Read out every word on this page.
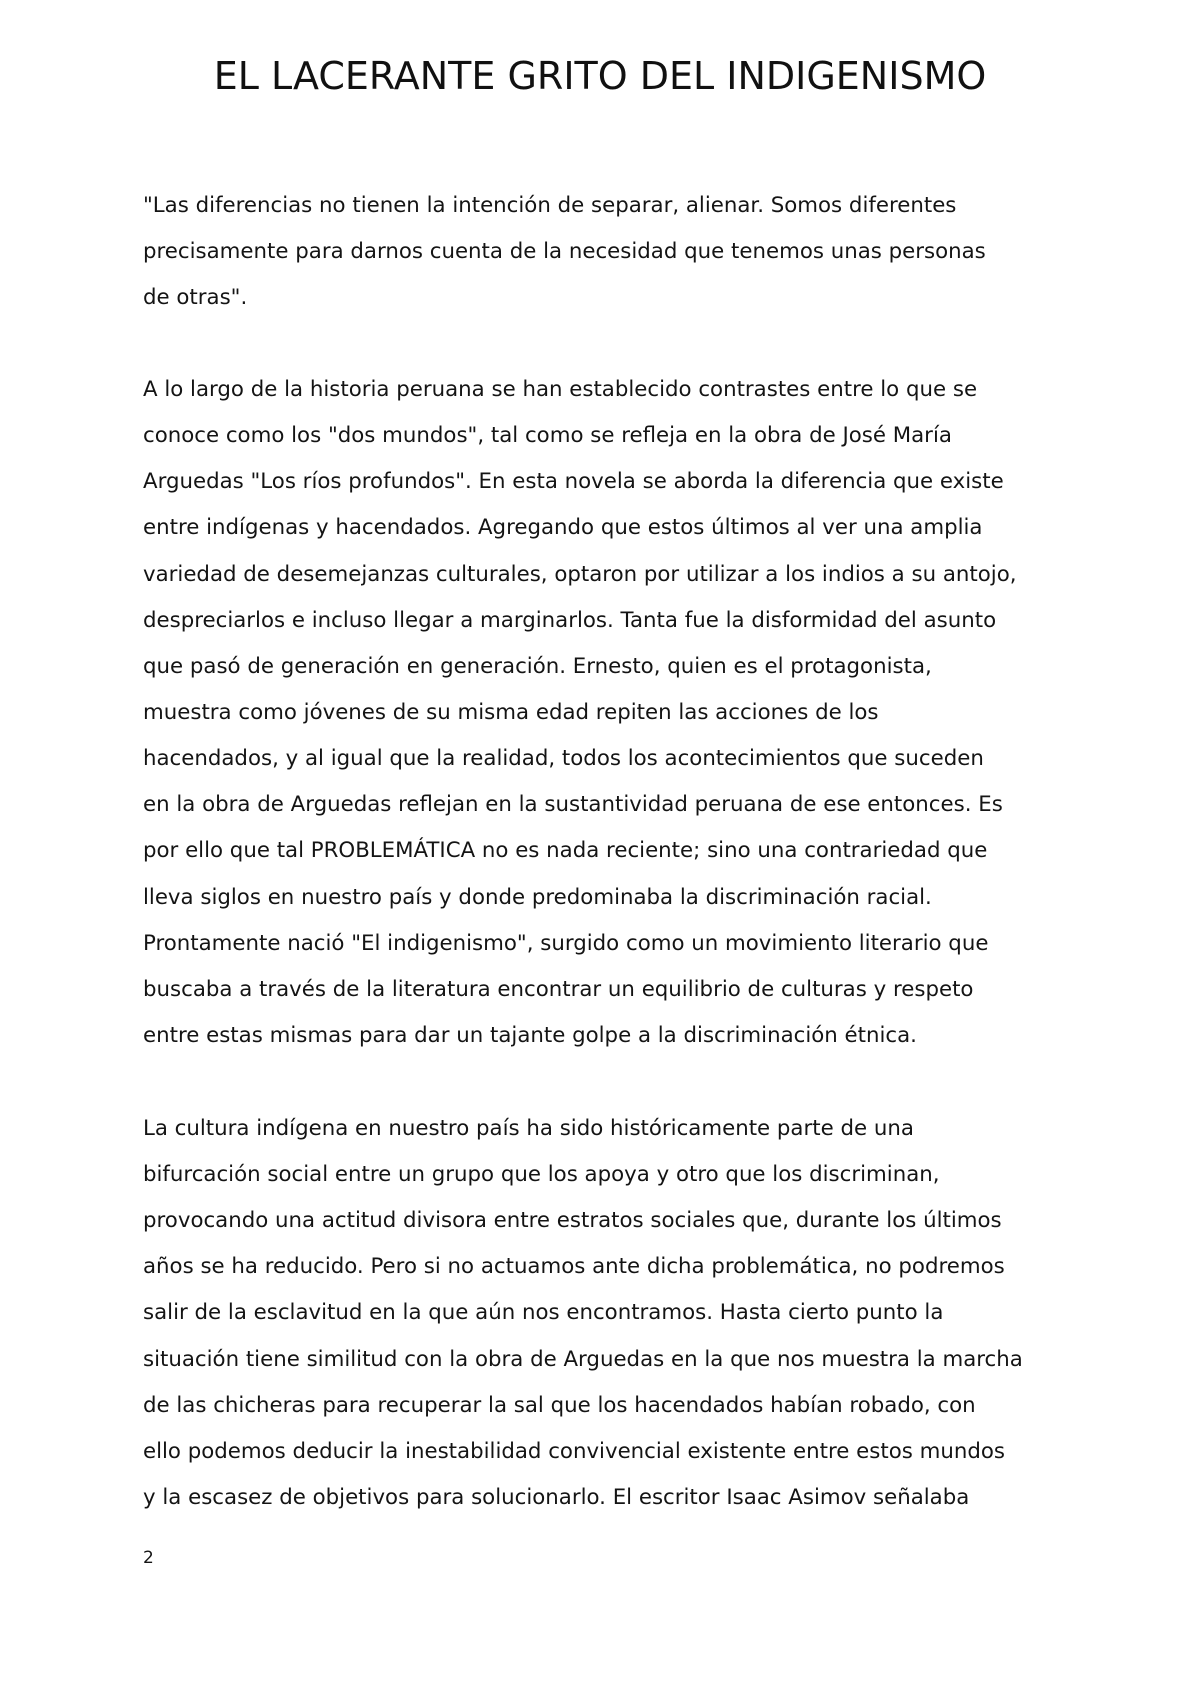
EL LACERANTE GRITO DEL INDIGENISMO

"Las diferencias no tienen la intención de separar, alienar. Somos diferentes

precisamente para darnos cuenta de la necesidad que tenemos unas personas

de otras".

A lo largo de la historia peruana se han establecido contrastes entre lo que se

conoce como los "dos mundos", tal como se refleja en la obra de José María

Arguedas "Los ríos profundos". En esta novela se aborda la diferencia que existe

entre indígenas y hacendados. Agregando que estos últimos al ver una amplia

variedad de desemejanzas culturales, optaron por utilizar a los indios a su antojo,

despreciarlos e incluso llegar a marginarlos. Tanta fue la disformidad del asunto

que pasó de generación en generación. Ernesto, quien es el protagonista,

muestra como jóvenes de su misma edad repiten las acciones de los

hacendados, y al igual que la realidad, todos los acontecimientos que suceden

en la obra de Arguedas reflejan en la sustantividad peruana de ese entonces. Es

por ello que tal PROBLEMÁTICA no es nada reciente; sino una contrariedad que

lleva siglos en nuestro país y donde predominaba la discriminación racial.

Prontamente nació "El indigenismo", surgido como un movimiento literario que

buscaba a través de la literatura encontrar un equilibrio de culturas y respeto

entre estas mismas para dar un tajante golpe a la discriminación étnica.

La cultura indígena en nuestro país ha sido históricamente parte de una

bifurcación social entre un grupo que los apoya y otro que los discriminan,

provocando una actitud divisora entre estratos sociales que, durante los últimos

años se ha reducido. Pero si no actuamos ante dicha problemática, no podremos

salir de la esclavitud en la que aún nos encontramos. Hasta cierto punto la

situación tiene similitud con la obra de Arguedas en la que nos muestra la marcha

de las chicheras para recuperar la sal que los hacendados habían robado, con

ello podemos deducir la inestabilidad convivencial existente entre estos mundos

y la escasez de objetivos para solucionarlo. El escritor Isaac Asimov señalaba

2
